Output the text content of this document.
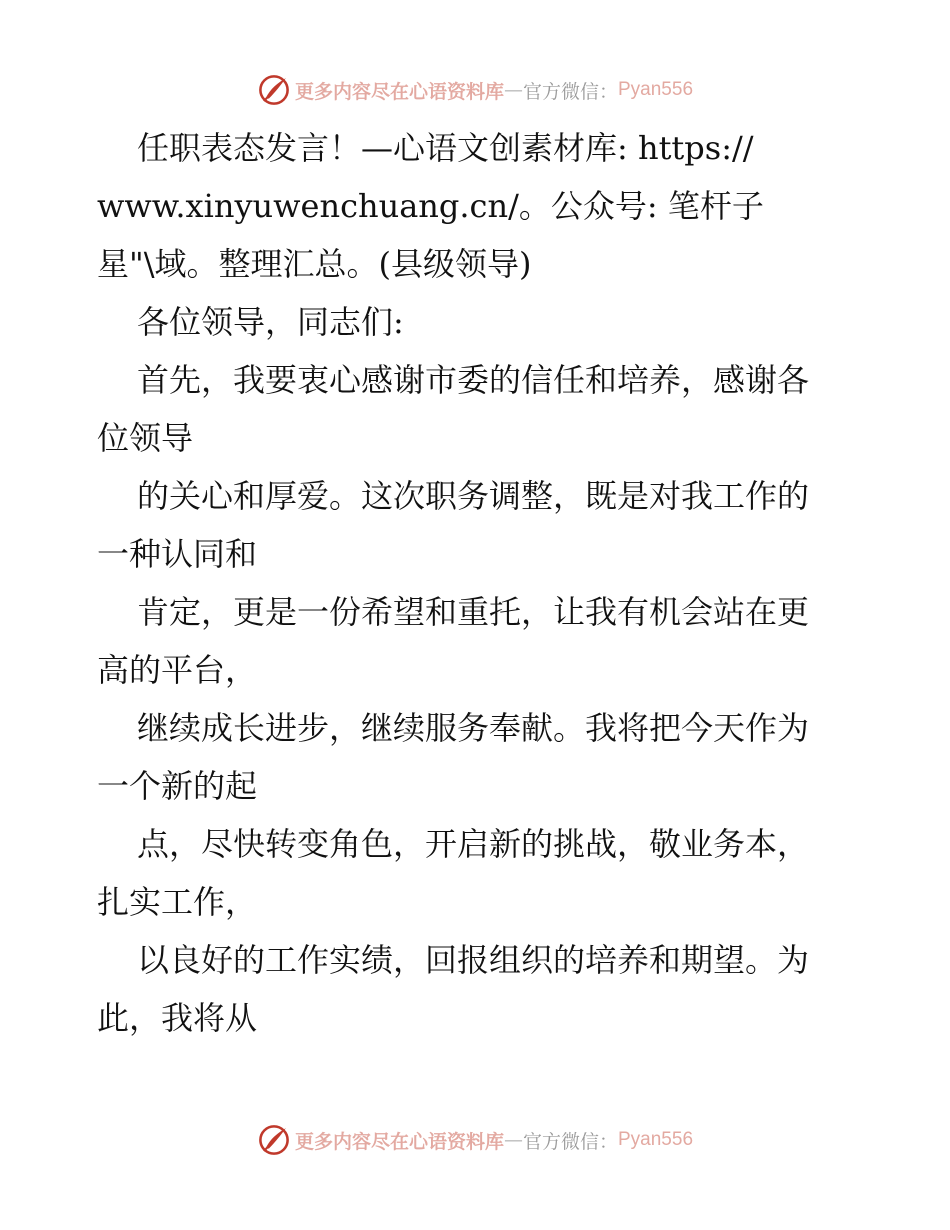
更多内容尽在心语资料库 — 官方微信： Pyan556
任职表态发言！—心语文创素材库: https://
www.xinyuwenchuang.cn/。公众号: 笔杆子
星"\域。整理汇总。(县级领导)
各位领导，同志们:
首先，我要衷心感谢市委的信任和培养，感谢各
位领导
的关心和厚爱。这次职务调整，既是对我工作的
一种认同和
肯定，更是一份希望和重托，让我有机会站在更
高的平台，
继续成长进步，继续服务奉献。我将把今天作为
一个新的起
点，尽快转变角色，开启新的挑战，敬业务本，
扎实工作，
以良好的工作实绩，回报组织的培养和期望。为
此，我将从
更多内容尽在心语资料库 — 官方微信： Pyan556
